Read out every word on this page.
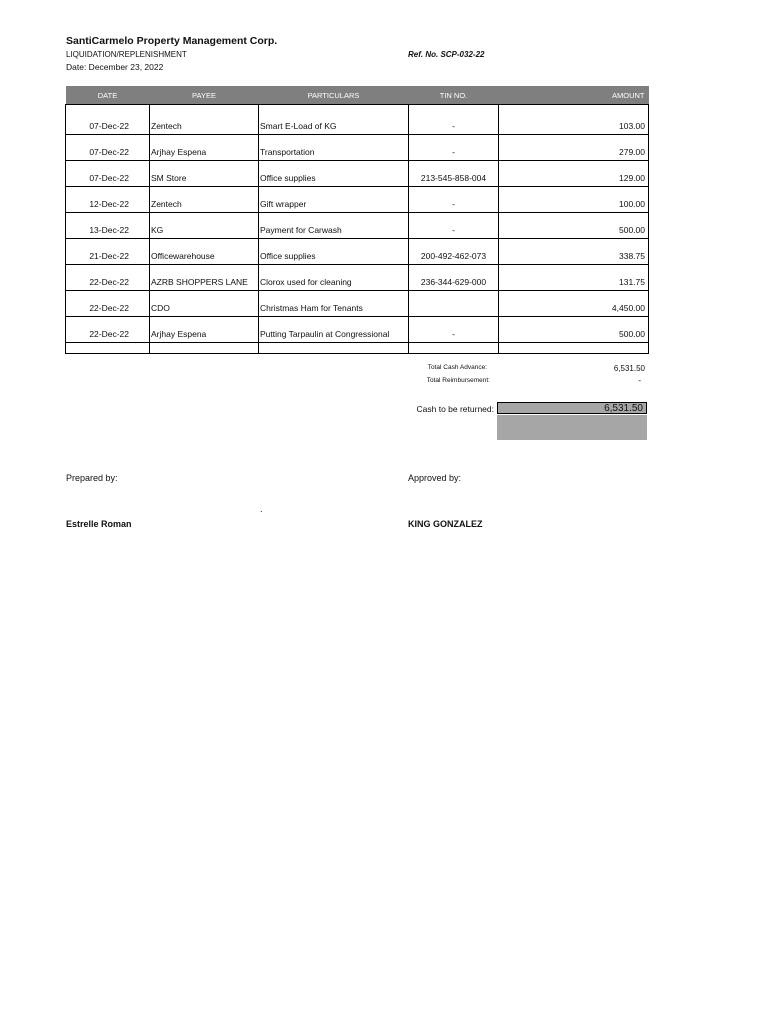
SantiCarmelo Property Management Corp.
LIQUIDATION/REPLENISHMENT
Date: December 23, 2022
Ref. No. SCP-032-22
DATE	PAYEE	PARTICULARS	TIN NO.	AMOUNT
07-Dec-22	Zentech	Smart E-Load of KG	-	103.00
07-Dec-22	Arjhay Espena	Transportation	-	279.00
07-Dec-22	SM Store	Office supplies	213-545-858-004	129.00
12-Dec-22	Zentech	Gift wrapper	-	100.00
13-Dec-22	KG	Payment for Carwash	-	500.00
21-Dec-22	Officewarehouse	Office supplies	200-492-462-073	338.75
22-Dec-22	AZRB SHOPPERS LANE	Clorox used for cleaning	236-344-629-000	131.75
22-Dec-22	CDO	Christmas Ham for Tenants		4,450.00
22-Dec-22	Arjhay Espena	Putting Tarpaulin at Congressional	-	500.00

Total Cash Advance:	6,531.50
Total Reimbursement:	-
Cash to be returned:	6,531.50
Prepared by:	Approved by:
.
Estrelle Roman	KING GONZALEZ
